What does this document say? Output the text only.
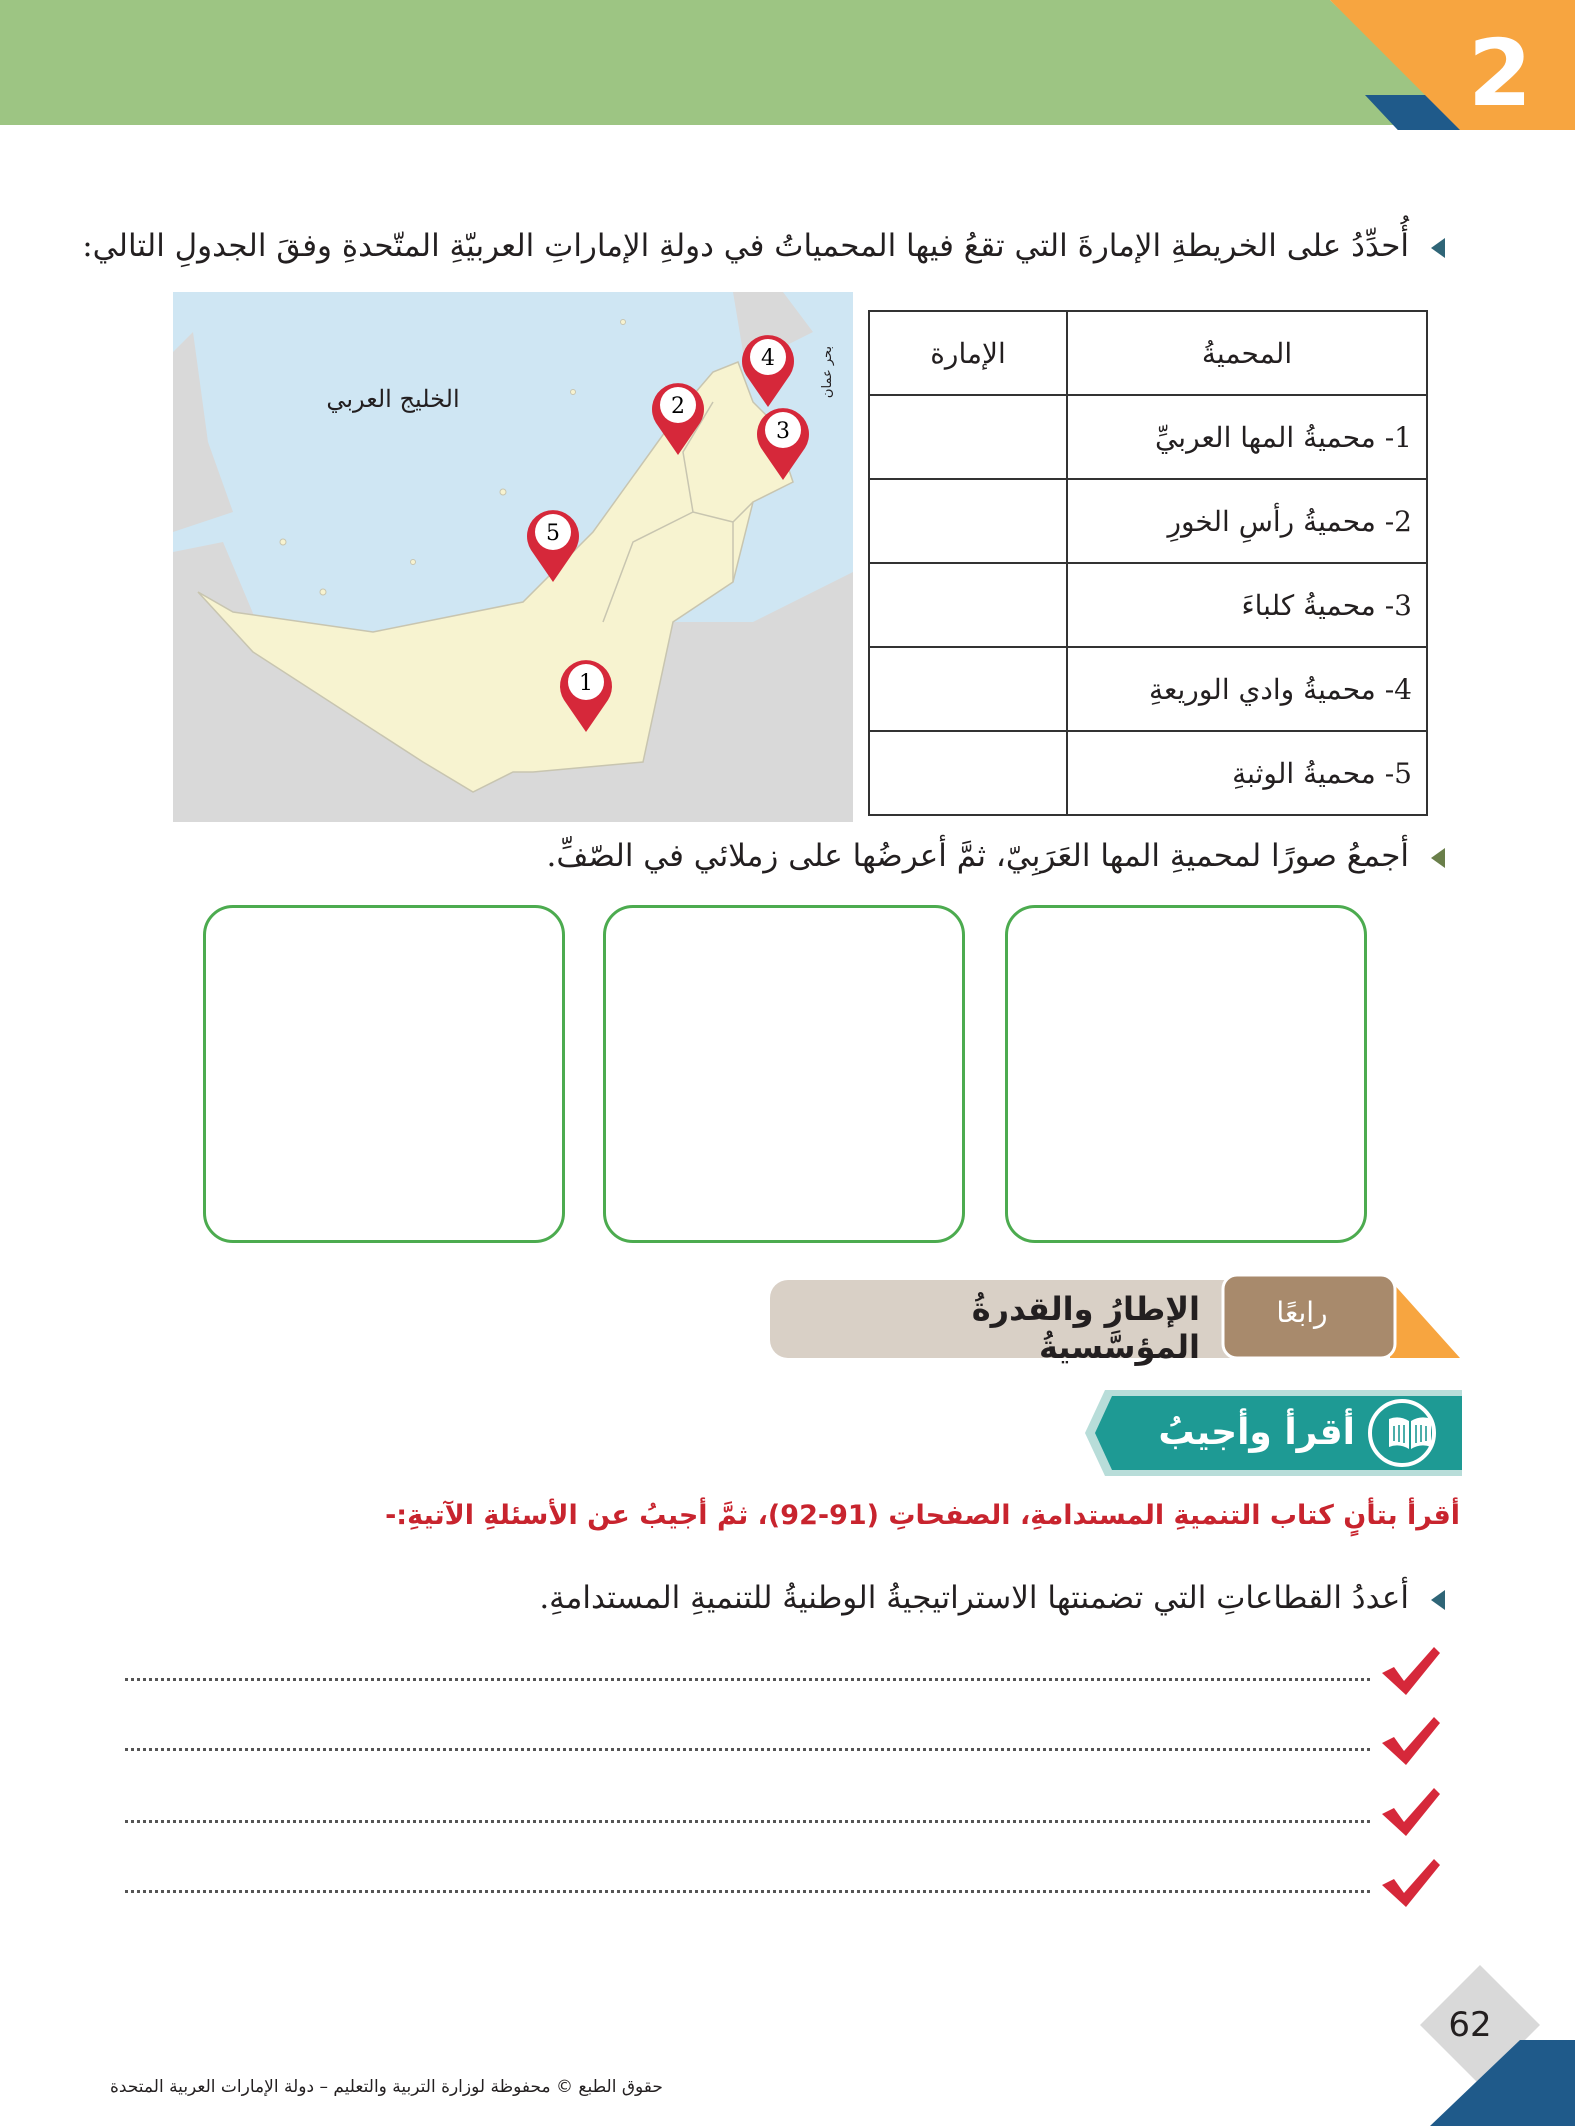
2
أُحدِّدُ على الخريطةِ الإمارةَ التي تقعُ فيها المحمياتُ في دولةِ الإماراتِ العربيّةِ المتّحدةِ وفقَ الجدولِ التالي:
الخليج العربي
بحر عمان
1
2
3
4
5
المحميةُ	الإمارة
1- محميةُ المها العربيِّ	
2- محميةُ رأسِ الخورِ	
3- محميةُ كلباءَ	
4- محميةُ وادي الوريعةِ	
5- محميةُ الوثبةِ	
أجمعُ صورًا لمحميةِ المها العَرَبِيّ، ثمَّ أعرضُها على زملائي في الصّفِّ.
رابعًا
الإطارُ والقدرةُ المؤسَّسيةُ
أقرأ وأجيبُ
أقرأ بتأنٍ كتاب التنميةِ المستدامةِ، الصفحاتِ (91-92)، ثمَّ أجيبُ عن الأسئلةِ الآتيةِ:-
أعددُ القطاعاتِ التي تضمنتها الاستراتيجيةُ الوطنيةُ للتنميةِ المستدامةِ.
62
حقوق الطبع © محفوظة لوزارة التربية والتعليم – دولة الإمارات العربية المتحدة
